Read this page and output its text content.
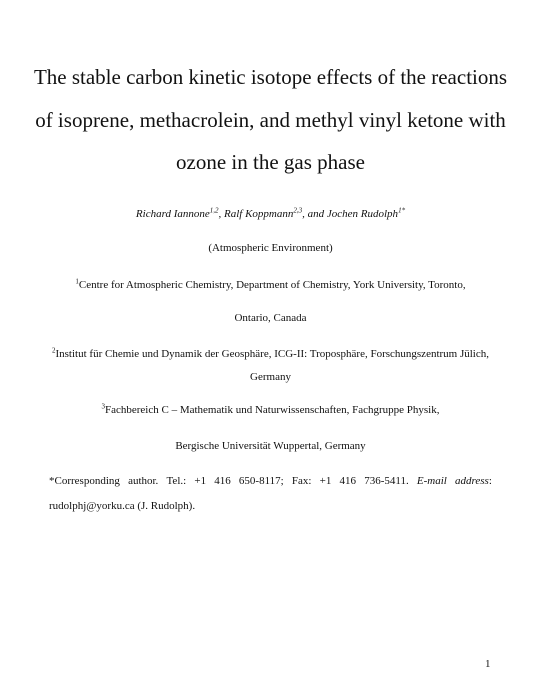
The stable carbon kinetic isotope effects of the reactions
of isoprene, methacrolein, and methyl vinyl ketone with
ozone in the gas phase
Richard Iannone$^{1,2}$, Ralf Koppmann$^{2,3}$, and Jochen Rudolph$^{1*}$
(Atmospheric Environment)
$^1$Centre for Atmospheric Chemistry, Department of Chemistry, York University, Toronto,
Ontario, Canada
$^2$Institut für Chemie und Dynamik der Geosphäre, ICG-II: Troposphäre, Forschungszentrum Jülich,
Germany
$^3$Fachbereich C – Mathematik und Naturwissenschaften, Fachgruppe Physik,
Bergische Universität Wuppertal, Germany
*Corresponding author. Tel.: +1 416 650-8117; Fax: +1 416 736-5411. E-mail address:
rudolphj@yorku.ca (J. Rudolph).
1
